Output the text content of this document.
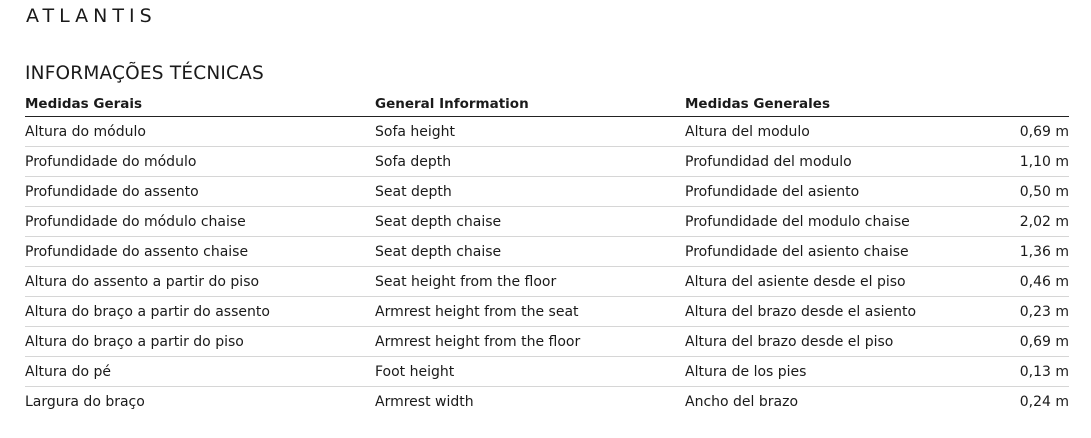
ATLANTIS
INFORMAÇÕES TÉCNICAS
Medidas Gerais	General Information	Medidas Generales	
Altura do módulo	Sofa height	Altura del modulo	0,69 m
Profundidade do módulo	Sofa depth	Profundidad del modulo	1,10 m
Profundidade do assento	Seat depth	Profundidade del asiento	0,50 m
Profundidade do módulo chaise	Seat depth chaise	Profundidade del modulo chaise	2,02 m
Profundidade do assento chaise	Seat depth chaise	Profundidade del asiento chaise	1,36 m
Altura do assento a partir do piso	Seat height from the floor	Altura del asiente desde el piso	0,46 m
Altura do braço a partir do assento	Armrest height from the seat	Altura del brazo desde el asiento	0,23 m
Altura do braço a partir do piso	Armrest height from the floor	Altura del brazo desde el piso	0,69 m
Altura do pé	Foot height	Altura de los pies	0,13 m
Largura do braço	Armrest width	Ancho del brazo	0,24 m
